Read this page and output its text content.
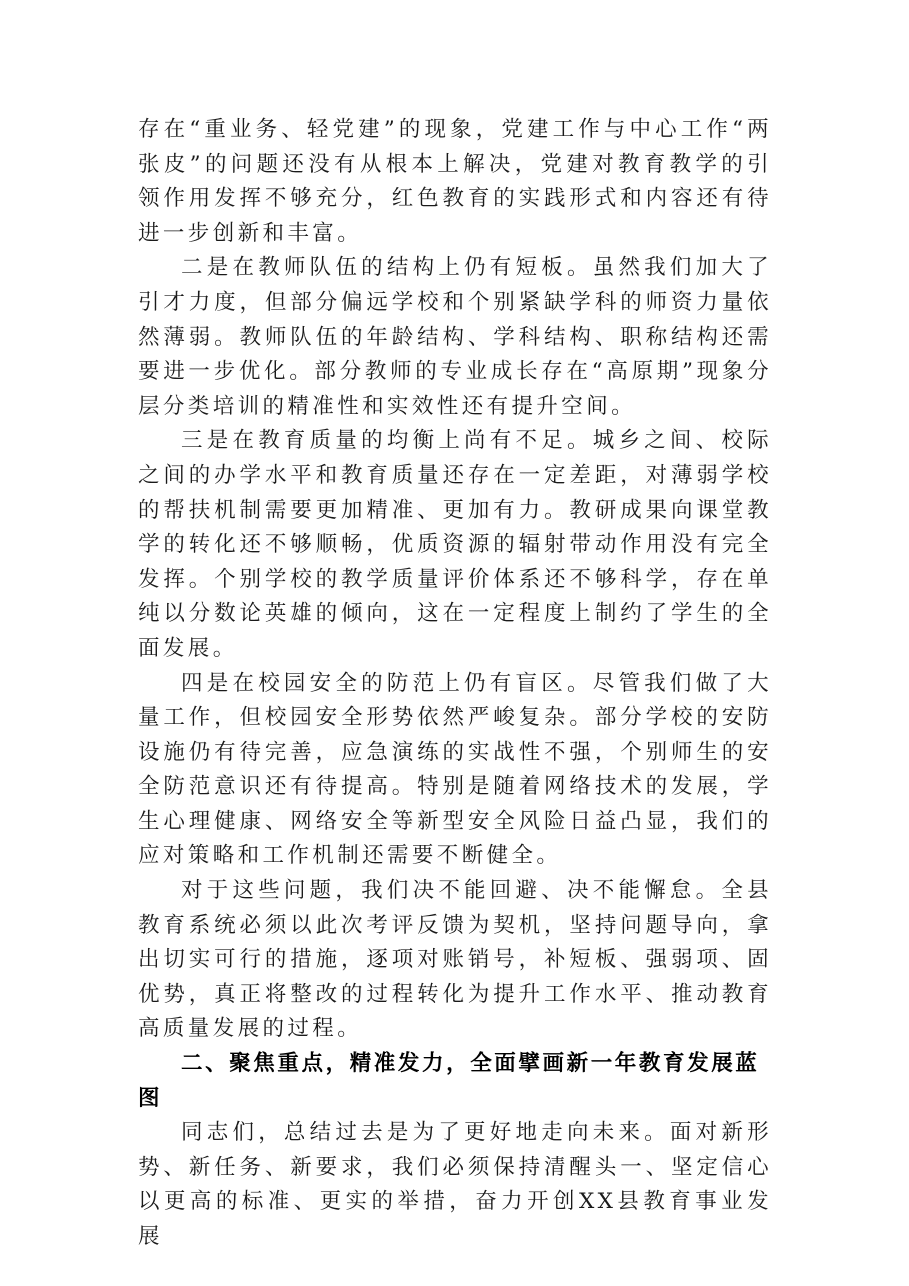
存在“重业务、轻党建”的现象，党建工作与中心工作“两张皮”的问题还没有从根本上解决，党建对教育教学的引领作用发挥不够充分，红色教育的实践形式和内容还有待进一步创新和丰富。

二是在教师队伍的结构上仍有短板。虽然我们加大了引才力度，但部分偏远学校和个别紧缺学科的师资力量依然薄弱。教师队伍的年龄结构、学科结构、职称结构还需要进一步优化。部分教师的专业成长存在“高原期”现象分层分类培训的精准性和实效性还有提升空间。

三是在教育质量的均衡上尚有不足。城乡之间、校际之间的办学水平和教育质量还存在一定差距，对薄弱学校的帮扶机制需要更加精准、更加有力。教研成果向课堂教学的转化还不够顺畅，优质资源的辐射带动作用没有完全发挥。个别学校的教学质量评价体系还不够科学，存在单纯以分数论英雄的倾向，这在一定程度上制约了学生的全面发展。

四是在校园安全的防范上仍有盲区。尽管我们做了大量工作，但校园安全形势依然严峻复杂。部分学校的安防设施仍有待完善，应急演练的实战性不强，个别师生的安全防范意识还有待提高。特别是随着网络技术的发展，学生心理健康、网络安全等新型安全风险日益凸显，我们的应对策略和工作机制还需要不断健全。

对于这些问题，我们决不能回避、决不能懈怠。全县教育系统必须以此次考评反馈为契机，坚持问题导向，拿出切实可行的措施，逐项对账销号，补短板、强弱项、固优势，真正将整改的过程转化为提升工作水平、推动教育高质量发展的过程。

二、聚焦重点，精准发力，全面擘画新一年教育发展蓝图

同志们，总结过去是为了更好地走向未来。面对新形势、新任务、新要求，我们必须保持清醒头一、坚定信心以更高的标准、更实的举措，奋力开创XX县教育事业发展
